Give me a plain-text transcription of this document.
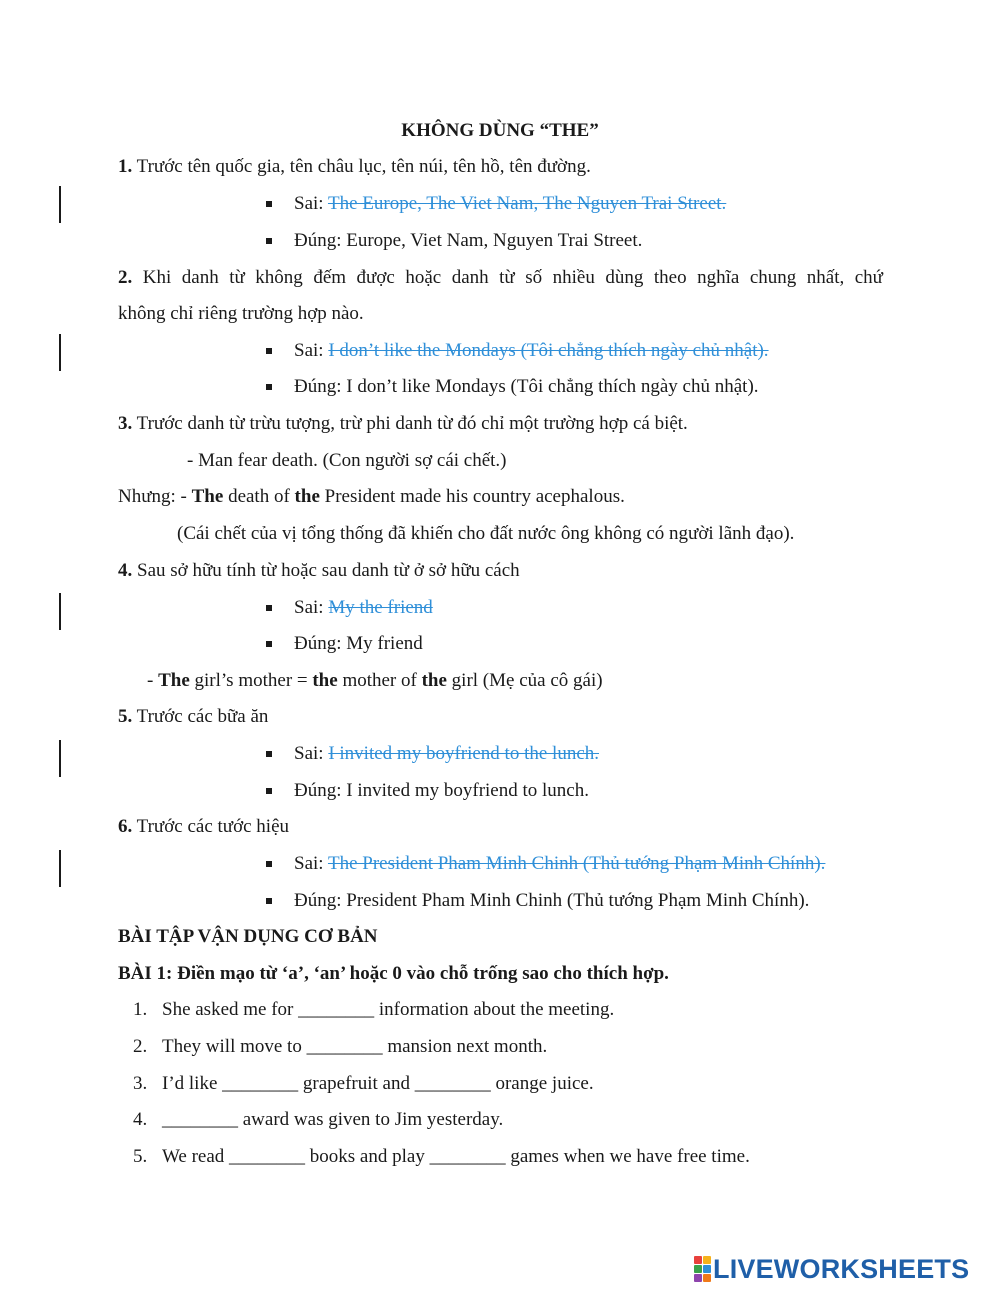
KHÔNG DÙNG “THE”
1. Trước tên quốc gia, tên châu lục, tên núi, tên hồ, tên đường.
Sai: The Europe, The Viet Nam, The Nguyen Trai Street.
Đúng: Europe, Viet Nam, Nguyen Trai Street.
2. Khi danh từ không đếm được hoặc danh từ số nhiều dùng theo nghĩa chung nhất, chứ
không chỉ riêng trường hợp nào.
Sai: I don’t like the Mondays (Tôi chẳng thích ngày chủ nhật).
Đúng: I don’t like Mondays (Tôi chẳng thích ngày chủ nhật).
3. Trước danh từ trừu tượng, trừ phi danh từ đó chỉ một trường hợp cá biệt.
- Man fear death. (Con người sợ cái chết.)
Nhưng: - The death of the President made his country acephalous.
(Cái chết của vị tổng thống đã khiến cho đất nước ông không có người lãnh đạo).
4. Sau sở hữu tính từ hoặc sau danh từ ở sở hữu cách
Sai: My the friend
Đúng: My friend
- The girl’s mother = the mother of the girl (Mẹ của cô gái)
5. Trước các bữa ăn
Sai: I invited my boyfriend to the lunch.
Đúng: I invited my boyfriend to lunch.
6. Trước các tước hiệu
Sai: The President Pham Minh Chinh (Thủ tướng Phạm Minh Chính).
Đúng: President Pham Minh Chinh (Thủ tướng Phạm Minh Chính).
BÀI TẬP VẬN DỤNG CƠ BẢN
BÀI 1: Điền mạo từ ‘a’, ‘an’ hoặc 0 vào chỗ trống sao cho thích hợp.
1. She asked me for ________ information about the meeting.
2. They will move to ________ mansion next month.
3. I’d like ________ grapefruit and ________ orange juice.
4. ________ award was given to Jim yesterday.
5. We read ________ books and play ________ games when we have free time.
LIVEWORKSHEETS
